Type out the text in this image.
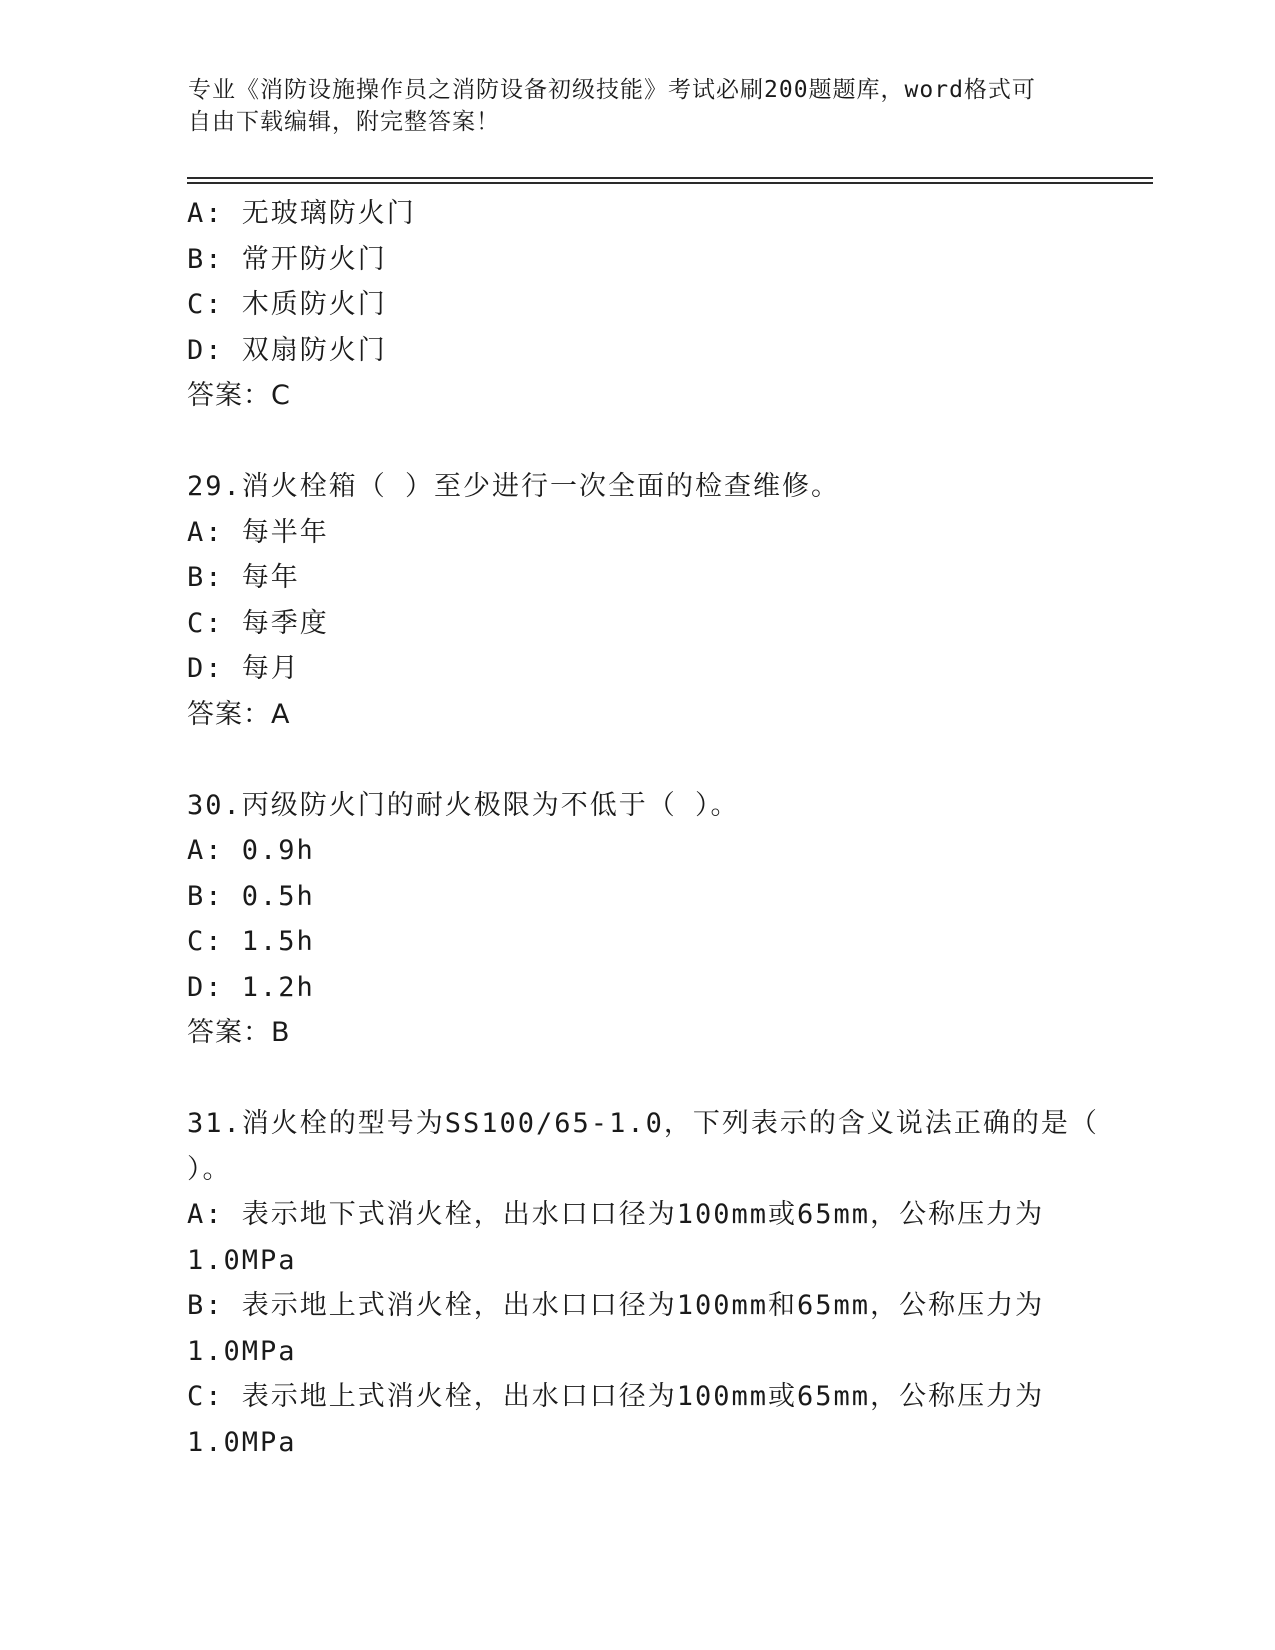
专业《消防设施操作员之消防设备初级技能》考试必刷200题题库，word格式可
自由下载编辑，附完整答案！
A: 无玻璃防火门
B: 常开防火门
C: 木质防火门
D: 双扇防火门
答案：C
29.消火栓箱（ ）至少进行一次全面的检查维修。
A: 每半年
B: 每年
C: 每季度
D: 每月
答案：A
30.丙级防火门的耐火极限为不低于（ ）。
A: 0.9h
B: 0.5h
C: 1.5h
D: 1.2h
答案：B
31.消火栓的型号为SS100/65-1.0，下列表示的含义说法正确的是（
）。
A: 表示地下式消火栓，出水口口径为100mm或65mm，公称压力为
1.0MPa
B: 表示地上式消火栓，出水口口径为100mm和65mm，公称压力为
1.0MPa
C: 表示地上式消火栓，出水口口径为100mm或65mm，公称压力为
1.0MPa
